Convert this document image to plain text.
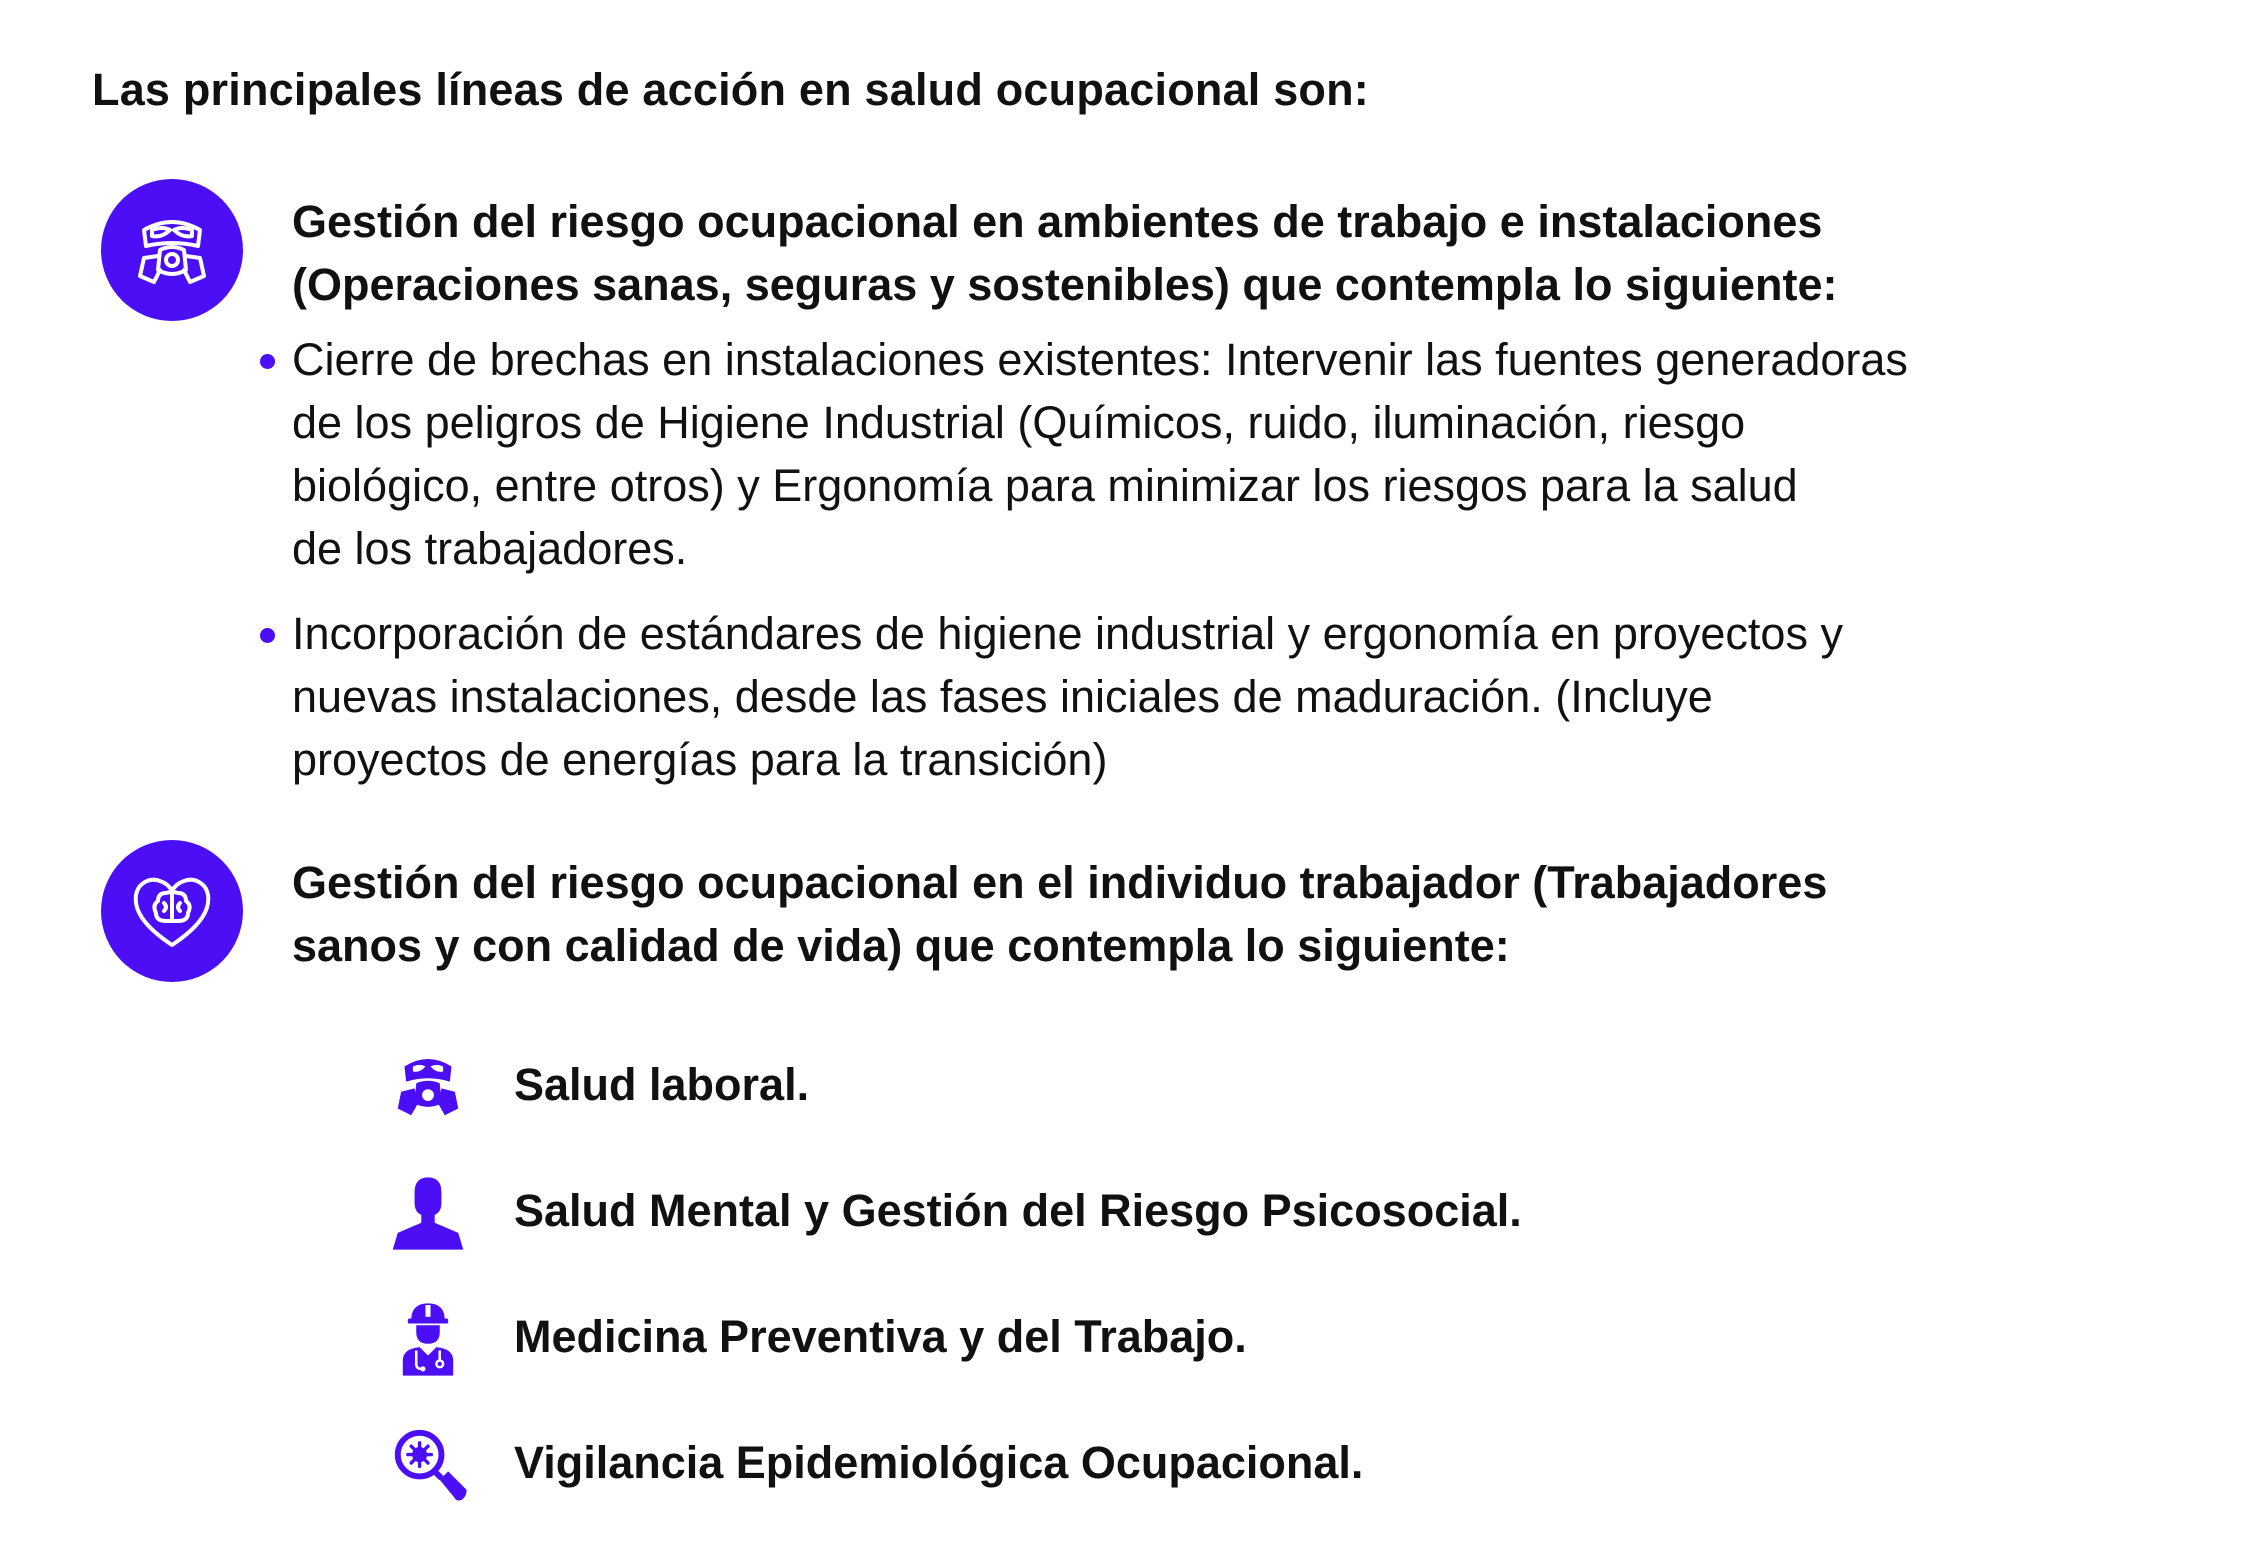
Las principales líneas de acción en salud ocupacional son:
Gestión del riesgo ocupacional en ambientes de trabajo e instalaciones
(Operaciones sanas, seguras y sostenibles) que contempla lo siguiente:
Cierre de brechas en instalaciones existentes: Intervenir las fuentes generadoras
de los peligros de Higiene Industrial (Químicos, ruido, iluminación, riesgo
biológico, entre otros) y Ergonomía para minimizar los riesgos para la salud
de los trabajadores.
Incorporación de estándares de higiene industrial y ergonomía en proyectos y
nuevas instalaciones, desde las fases iniciales de maduración. (Incluye
proyectos de energías para la transición)
Gestión del riesgo ocupacional en el individuo trabajador (Trabajadores
sanos y con calidad de vida) que contempla lo siguiente:
Salud laboral.
Salud Mental y Gestión del Riesgo Psicosocial.
Medicina Preventiva y del Trabajo.
Vigilancia Epidemiológica Ocupacional.
